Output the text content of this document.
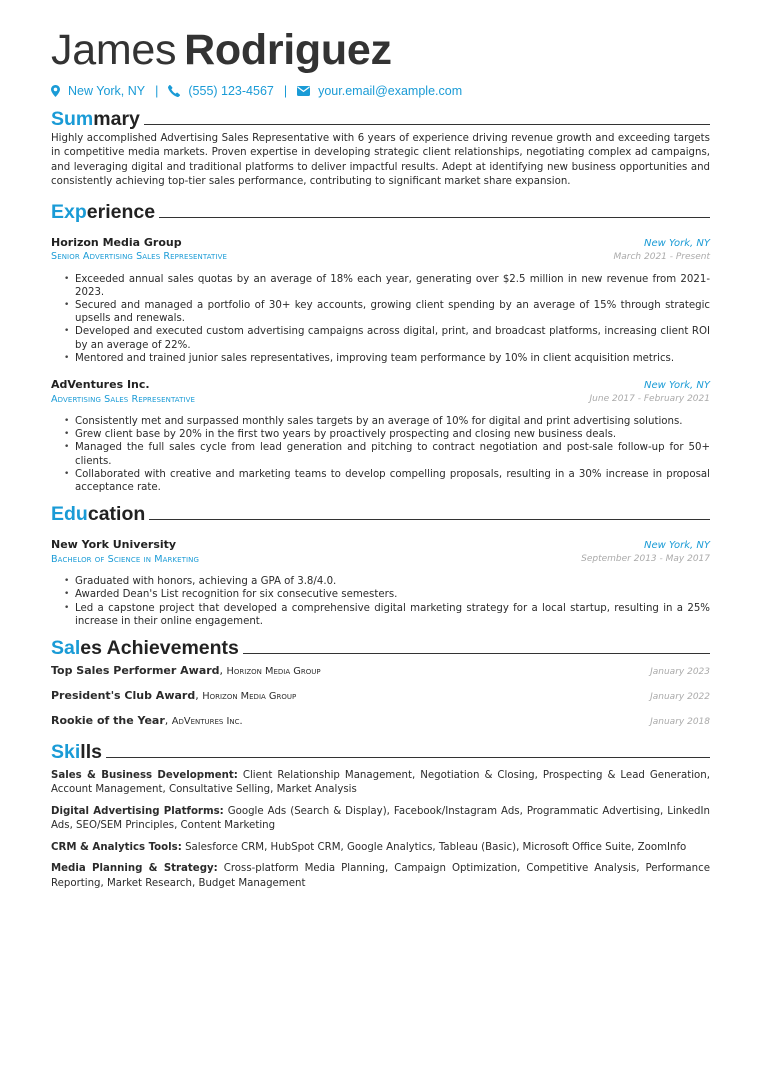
James Rodriguez
New York, NY | (555) 123-4567 | your.email@example.com
Summary
Highly accomplished Advertising Sales Representative with 6 years of experience driving revenue growth and exceeding targets in competitive media markets. Proven expertise in developing strategic client relationships, negotiating complex ad campaigns, and leveraging digital and traditional platforms to deliver impactful results. Adept at identifying new business opportunities and consistently achieving top-tier sales performance, contributing to significant market share expansion.
Experience
Horizon Media Group	New York, NY
Senior Advertising Sales Representative	March 2021 - Present
• Exceeded annual sales quotas by an average of 18% each year, generating over $2.5 million in new revenue from 2021-2023.
• Secured and managed a portfolio of 30+ key accounts, growing client spending by an average of 15% through strategic upsells and renewals.
• Developed and executed custom advertising campaigns across digital, print, and broadcast platforms, increasing client ROI by an average of 22%.
• Mentored and trained junior sales representatives, improving team performance by 10% in client acquisition metrics.
AdVentures Inc.	New York, NY
Advertising Sales Representative	June 2017 - February 2021
• Consistently met and surpassed monthly sales targets by an average of 10% for digital and print advertising solutions.
• Grew client base by 20% in the first two years by proactively prospecting and closing new business deals.
• Managed the full sales cycle from lead generation and pitching to contract negotiation and post-sale follow-up for 50+ clients.
• Collaborated with creative and marketing teams to develop compelling proposals, resulting in a 30% increase in proposal acceptance rate.
Education
New York University	New York, NY
Bachelor of Science in Marketing	September 2013 - May 2017
• Graduated with honors, achieving a GPA of 3.8/4.0.
• Awarded Dean's List recognition for six consecutive semesters.
• Led a capstone project that developed a comprehensive digital marketing strategy for a local startup, resulting in a 25% increase in their online engagement.
Sales Achievements
Top Sales Performer Award, Horizon Media Group	January 2023
President's Club Award, Horizon Media Group	January 2022
Rookie of the Year, AdVentures Inc.	January 2018
Skills
Sales & Business Development: Client Relationship Management, Negotiation & Closing, Prospecting & Lead Generation, Account Management, Consultative Selling, Market Analysis
Digital Advertising Platforms: Google Ads (Search & Display), Facebook/Instagram Ads, Programmatic Advertising, LinkedIn Ads, SEO/SEM Principles, Content Marketing
CRM & Analytics Tools: Salesforce CRM, HubSpot CRM, Google Analytics, Tableau (Basic), Microsoft Office Suite, ZoomInfo
Media Planning & Strategy: Cross-platform Media Planning, Campaign Optimization, Competitive Analysis, Performance Reporting, Market Research, Budget Management
